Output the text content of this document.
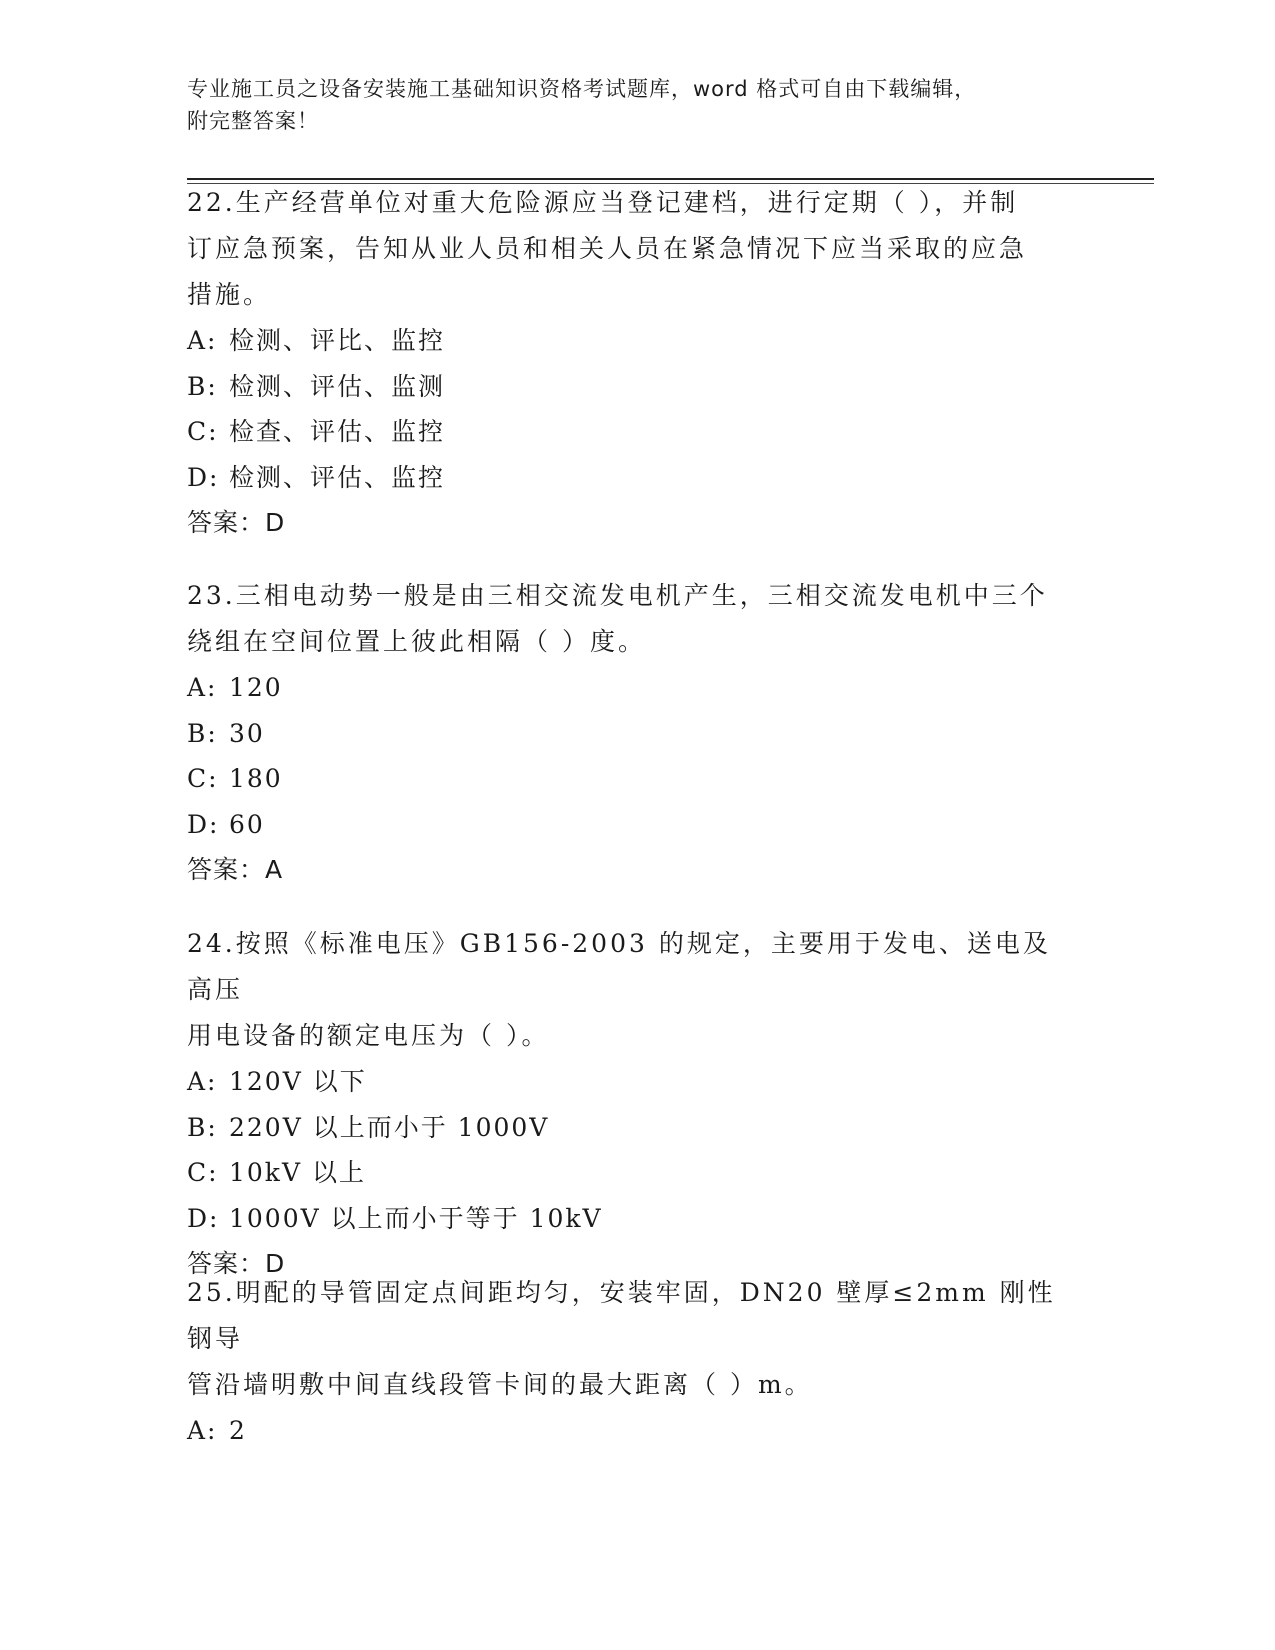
专业施工员之设备安装施工基础知识资格考试题库，word 格式可自由下载编辑，
附完整答案！

22.生产经营单位对重大危险源应当登记建档，进行定期（ ），并制
订应急预案，告知从业人员和相关人员在紧急情况下应当采取的应急
措施。

A: 检测、评比、监控

B: 检测、评估、监测

C: 检查、评估、监控

D: 检测、评估、监控

答案：D

23.三相电动势一般是由三相交流发电机产生，三相交流发电机中三个
绕组在空间位置上彼此相隔（ ）度。

A: 120

B: 30

C: 180

D: 60

答案：A

24.按照《标准电压》GB156-2003 的规定，主要用于发电、送电及高压
用电设备的额定电压为（ ）。

A: 120V 以下

B: 220V 以上而小于 1000V

C: 10kV 以上

D: 1000V 以上而小于等于 10kV

答案：D

25.明配的导管固定点间距均匀，安装牢固，DN20 壁厚≤2mm 刚性钢导
管沿墙明敷中间直线段管卡间的最大距离（ ）m。

A: 2
